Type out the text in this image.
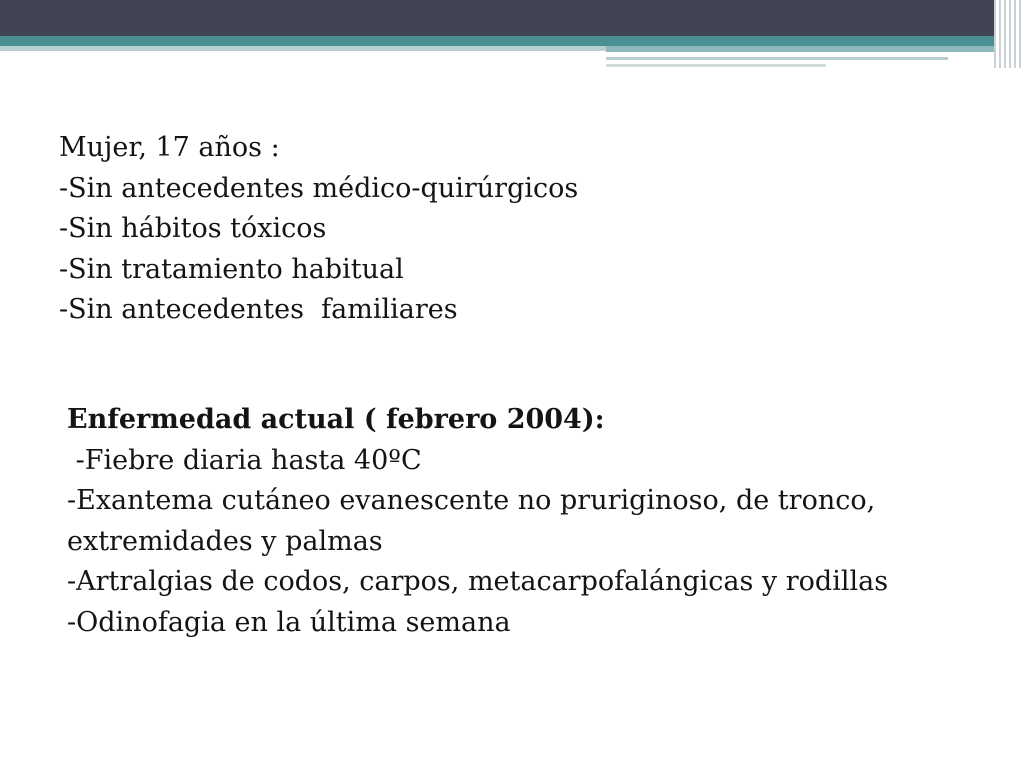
Mujer, 17 años :
-Sin antecedentes médico-quirúrgicos
-Sin hábitos tóxicos
-Sin tratamiento habitual
-Sin antecedentes  familiares
Enfermedad actual ( febrero 2004):
-Fiebre diaria hasta 40ºC
-Exantema cutáneo evanescente no pruriginoso, de tronco, extremidades y palmas
-Artralgias de codos, carpos, metacarpofalángicas y rodillas
-Odinofagia en la última semana
